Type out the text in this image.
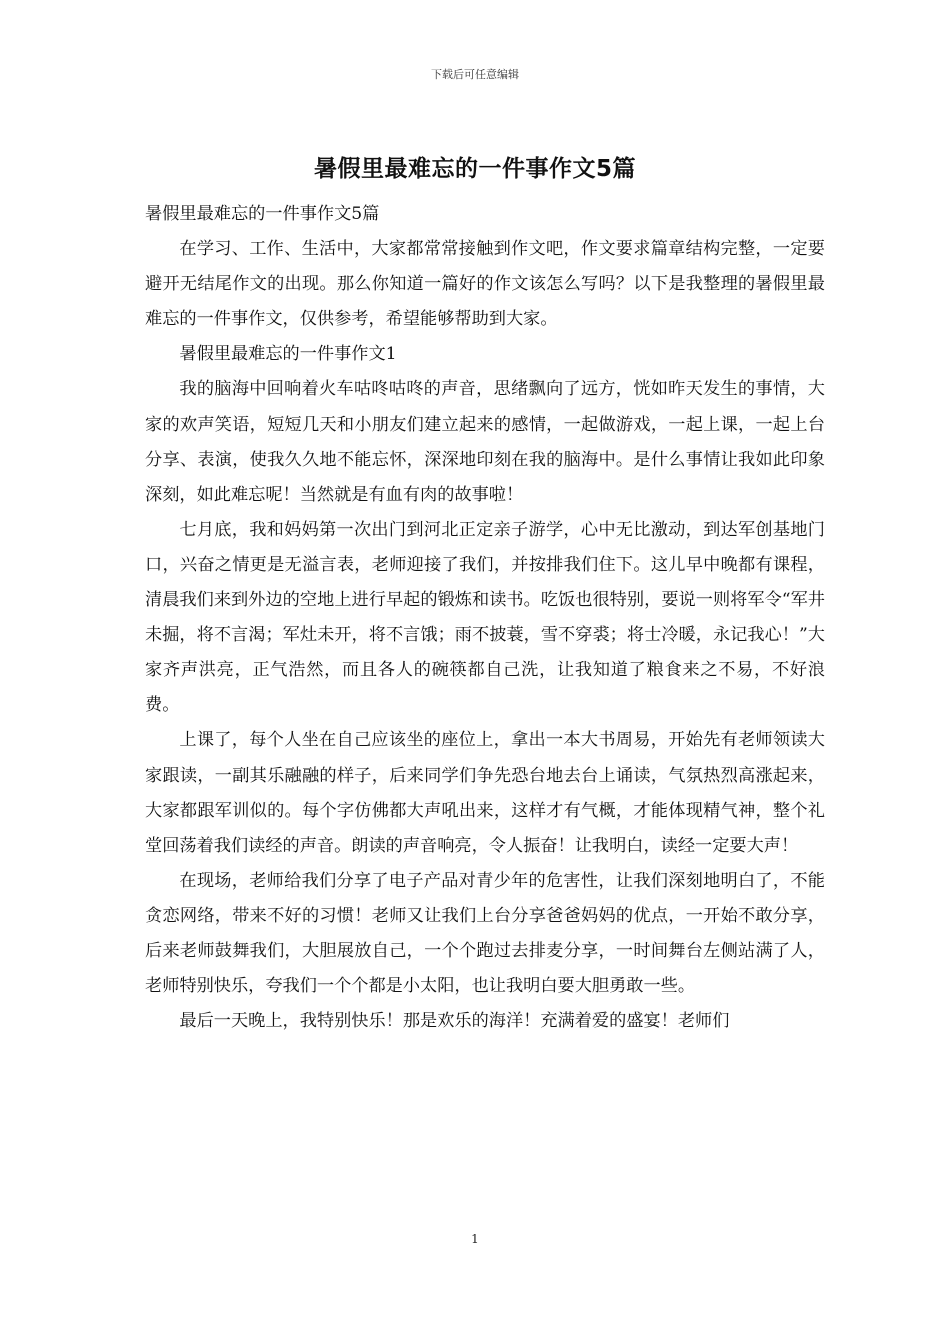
下载后可任意编辑
暑假里最难忘的一件事作文5篇

暑假里最难忘的一件事作文5篇

在学习、工作、生活中，大家都常常接触到作文吧，作文要求篇章结构完整，一定要避开无结尾作文的出现。那么你知道一篇好的作文该怎么写吗？以下是我整理的暑假里最难忘的一件事作文，仅供参考，希望能够帮助到大家。

暑假里最难忘的一件事作文1

我的脑海中回响着火车咕咚咕咚的声音，思绪飘向了远方，恍如昨天发生的事情，大家的欢声笑语，短短几天和小朋友们建立起来的感情，一起做游戏，一起上课，一起上台分享、表演，使我久久地不能忘怀，深深地印刻在我的脑海中。是什么事情让我如此印象深刻，如此难忘呢！当然就是有血有肉的故事啦！

七月底，我和妈妈第一次出门到河北正定亲子游学，心中无比激动，到达军创基地门口，兴奋之情更是无溢言表，老师迎接了我们，并按排我们住下。这儿早中晚都有课程，清晨我们来到外边的空地上进行早起的锻炼和读书。吃饭也很特别，要说一则将军令“军井未掘，将不言渴；军灶未开，将不言饿；雨不披蓑，雪不穿裘；将士冷暖，永记我心！”大家齐声洪亮，正气浩然，而且各人的碗筷都自己洗，让我知道了粮食来之不易，不好浪费。

上课了，每个人坐在自己应该坐的座位上，拿出一本大书周易，开始先有老师领读大家跟读，一副其乐融融的样子，后来同学们争先恐台地去台上诵读，气氛热烈高涨起来，大家都跟军训似的。每个字仿佛都大声吼出来，这样才有气概，才能体现精气神，整个礼堂回荡着我们读经的声音。朗读的声音响亮，令人振奋！让我明白，读经一定要大声！

在现场，老师给我们分享了电子产品对青少年的危害性，让我们深刻地明白了，不能贪恋网络，带来不好的习惯！老师又让我们上台分享爸爸妈妈的优点，一开始不敢分享，后来老师鼓舞我们，大胆展放自己，一个个跑过去排麦分享，一时间舞台左侧站满了人，老师特别快乐，夸我们一个个都是小太阳，也让我明白要大胆勇敢一些。

最后一天晚上，我特别快乐！那是欢乐的海洋！充满着爱的盛宴！老师们

1
